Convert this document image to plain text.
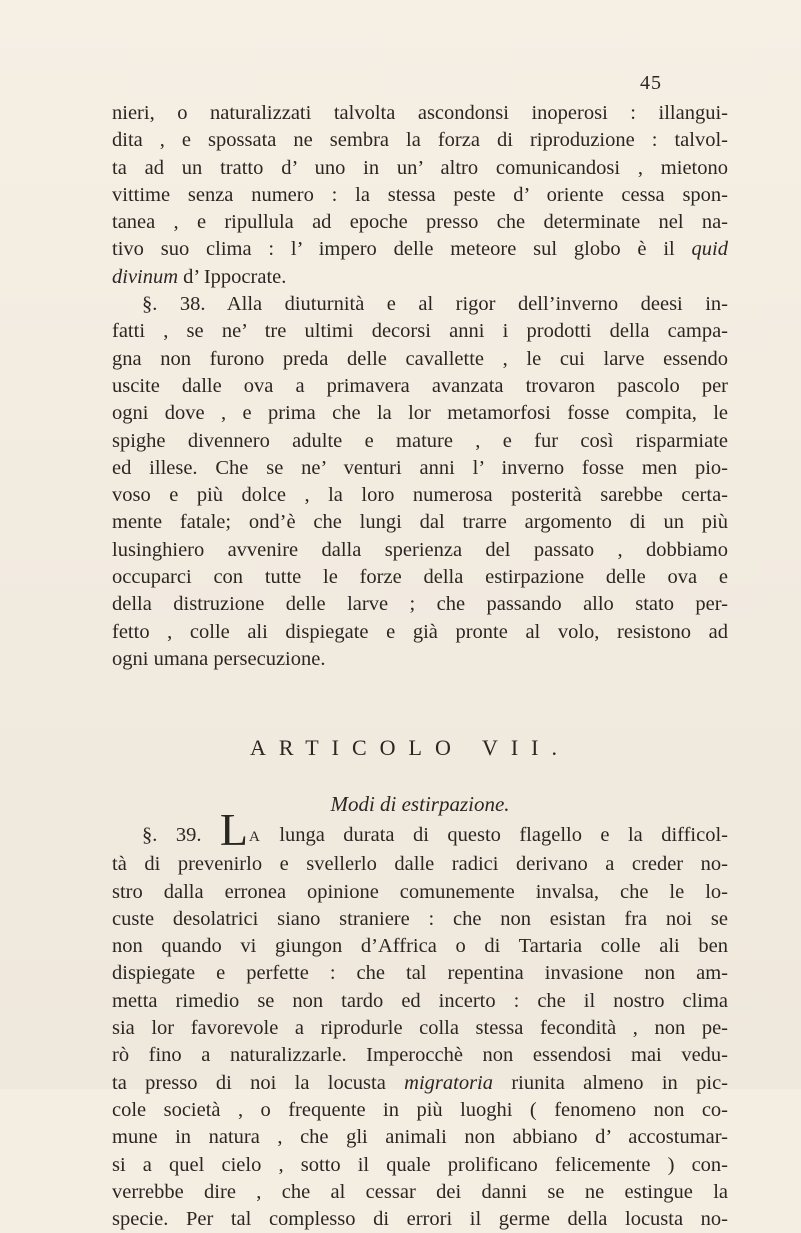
45
nieri, o naturalizzati talvolta ascondonsi inoperosi : illangui-
dita , e spossata ne sembra la forza di riproduzione : talvol-
ta ad un tratto d’ uno in un’ altro comunicandosi , mietono
vittime senza numero : la stessa peste d’ oriente cessa spon-
tanea , e ripullula ad epoche presso che determinate nel na-
tivo suo clima : l’ impero delle meteore sul globo è il quid
divinum d’ Ippocrate.
§. 38. Alla diuturnità e al rigor dell’inverno deesi in-
fatti , se ne’ tre ultimi decorsi anni i prodotti della campa-
gna non furono preda delle cavallette , le cui larve essendo
uscite dalle ova a primavera avanzata trovaron pascolo per
ogni dove , e prima che la lor metamorfosi fosse compita, le
spighe divennero adulte e mature , e fur così risparmiate
ed illese. Che se ne’ venturi anni l’ inverno fosse men pio-
voso e più dolce , la loro numerosa posterità sarebbe certa-
mente fatale; ond’è che lungi dal trarre argomento di un più
lusinghiero avvenire dalla sperienza del passato , dobbiamo
occuparci con tutte le forze della estirpazione delle ova e
della distruzione delle larve ; che passando allo stato per-
fetto , colle ali dispiegate e già pronte al volo, resistono ad
ogni umana persecuzione.
ARTICOLO VII.
Modi di estirpazione.
§. 39. LA lunga durata di questo flagello e la difficol-
tà di prevenirlo e svellerlo dalle radici derivano a creder no-
stro dalla erronea opinione comunemente invalsa, che le lo-
custe desolatrici siano straniere : che non esistan fra noi se
non quando vi giungon d’Affrica o di Tartaria colle ali ben
dispiegate e perfette : che tal repentina invasione non am-
metta rimedio se non tardo ed incerto : che il nostro clima
sia lor favorevole a riprodurle colla stessa fecondità , non pe-
rò fino a naturalizzarle. Imperocchè non essendosi mai vedu-
ta presso di noi la locusta migratoria riunita almeno in pic-
cole società , o frequente in più luoghi ( fenomeno non co-
mune in natura , che gli animali non abbiano d’ accostumar-
si a quel cielo , sotto il quale prolificano felicemente ) con-
verrebbe dire , che al cessar dei danni se ne estingue la
specie. Per tal complesso di errori il germe della locusta no-
